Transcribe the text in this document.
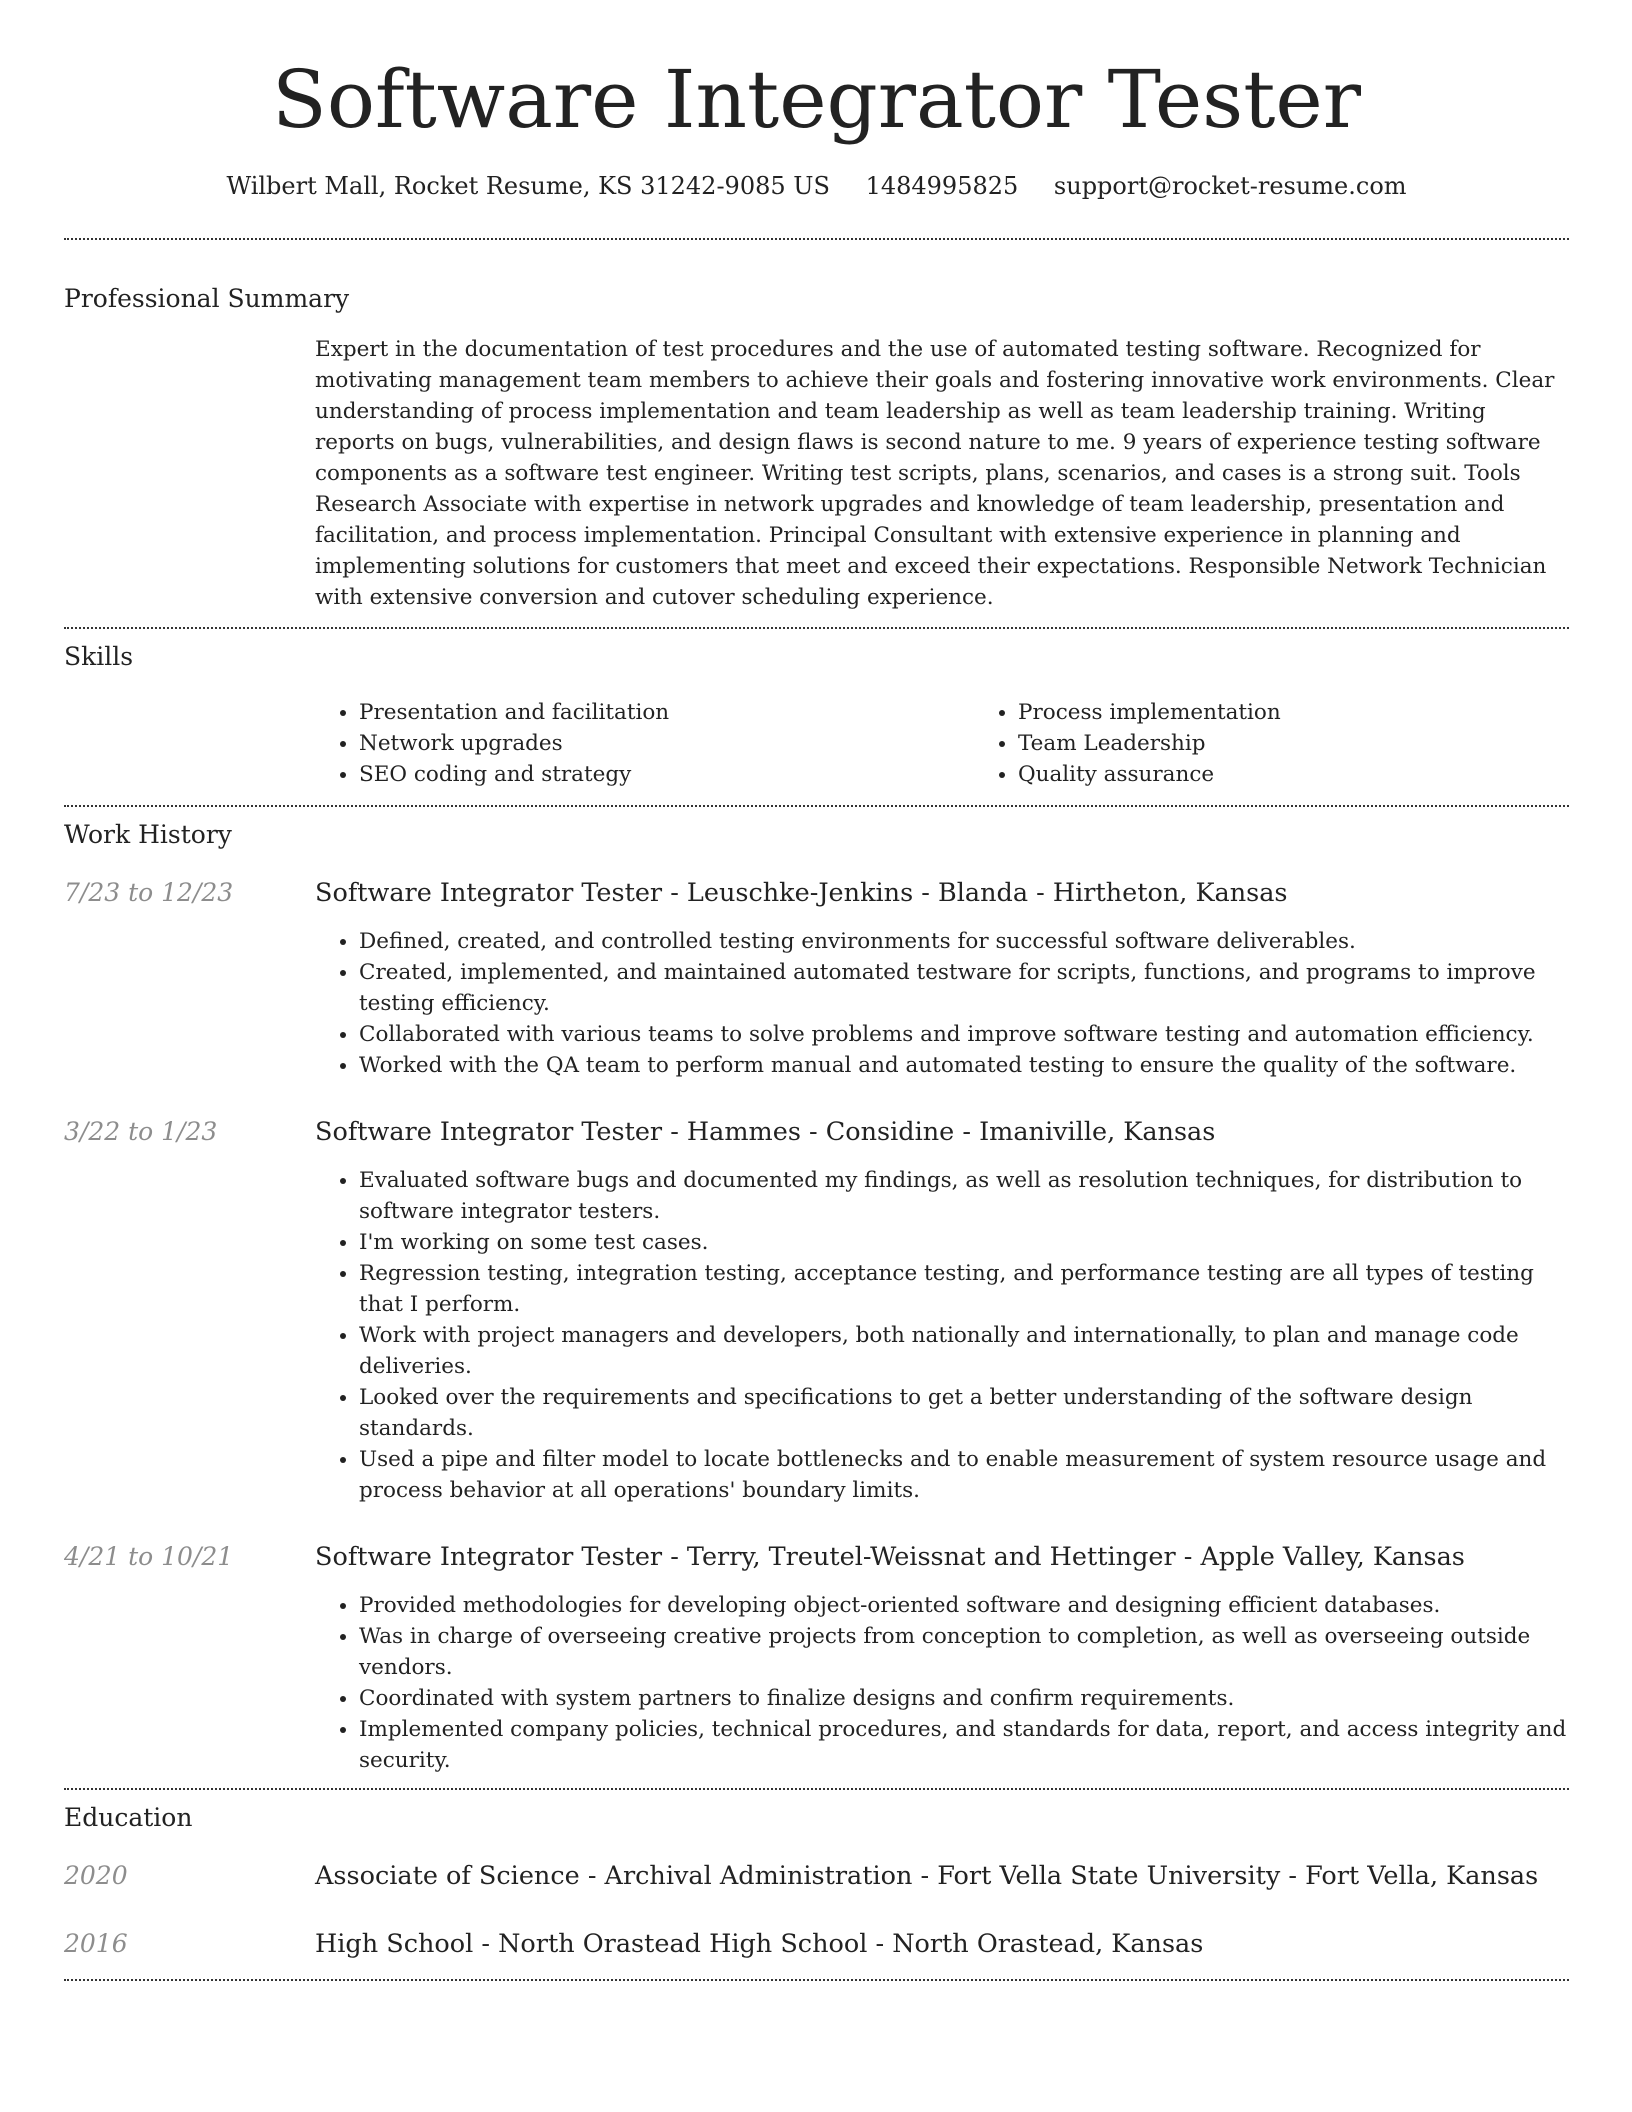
Software Integrator Tester
Wilbert Mall, Rocket Resume, KS 31242-9085 US 1484995825 support@rocket-resume.com
Professional Summary

Expert in the documentation of test procedures and the use of automated testing software. Recognized for motivating management team members to achieve their goals and fostering innovative work environments. Clear understanding of process implementation and team leadership as well as team leadership training. Writing reports on bugs, vulnerabilities, and design flaws is second nature to me. 9 years of experience testing software components as a software test engineer. Writing test scripts, plans, scenarios, and cases is a strong suit. Tools Research Associate with expertise in network upgrades and knowledge of team leadership, presentation and facilitation, and process implementation. Principal Consultant with extensive experience in planning and implementing solutions for customers that meet and exceed their expectations. Responsible Network Technician with extensive conversion and cutover scheduling experience.

Skills
• Presentation and facilitation
• Network upgrades
• SEO coding and strategy
• Process implementation
• Team Leadership
• Quality assurance
Work History
7/23 to 12/23	Software Integrator Tester - Leuschke-Jenkins - Blanda - Hirtheton, Kansas
• Defined, created, and controlled testing environments for successful software deliverables.
• Created, implemented, and maintained automated testware for scripts, functions, and programs to improve testing efficiency.
• Collaborated with various teams to solve problems and improve software testing and automation efficiency.
• Worked with the QA team to perform manual and automated testing to ensure the quality of the software.
3/22 to 1/23	Software Integrator Tester - Hammes - Considine - Imaniville, Kansas
• Evaluated software bugs and documented my findings, as well as resolution techniques, for distribution to software integrator testers.
• I'm working on some test cases.
• Regression testing, integration testing, acceptance testing, and performance testing are all types of testing that I perform.
• Work with project managers and developers, both nationally and internationally, to plan and manage code deliveries.
• Looked over the requirements and specifications to get a better understanding of the software design standards.
• Used a pipe and filter model to locate bottlenecks and to enable measurement of system resource usage and process behavior at all operations' boundary limits.
4/21 to 10/21	Software Integrator Tester - Terry, Treutel-Weissnat and Hettinger - Apple Valley, Kansas
• Provided methodologies for developing object-oriented software and designing efficient databases.
• Was in charge of overseeing creative projects from conception to completion, as well as overseeing outside vendors.
• Coordinated with system partners to finalize designs and confirm requirements.
• Implemented company policies, technical procedures, and standards for data, report, and access integrity and security.
Education
2020	Associate of Science - Archival Administration - Fort Vella State University - Fort Vella, Kansas
2016	High School - North Orastead High School - North Orastead, Kansas
